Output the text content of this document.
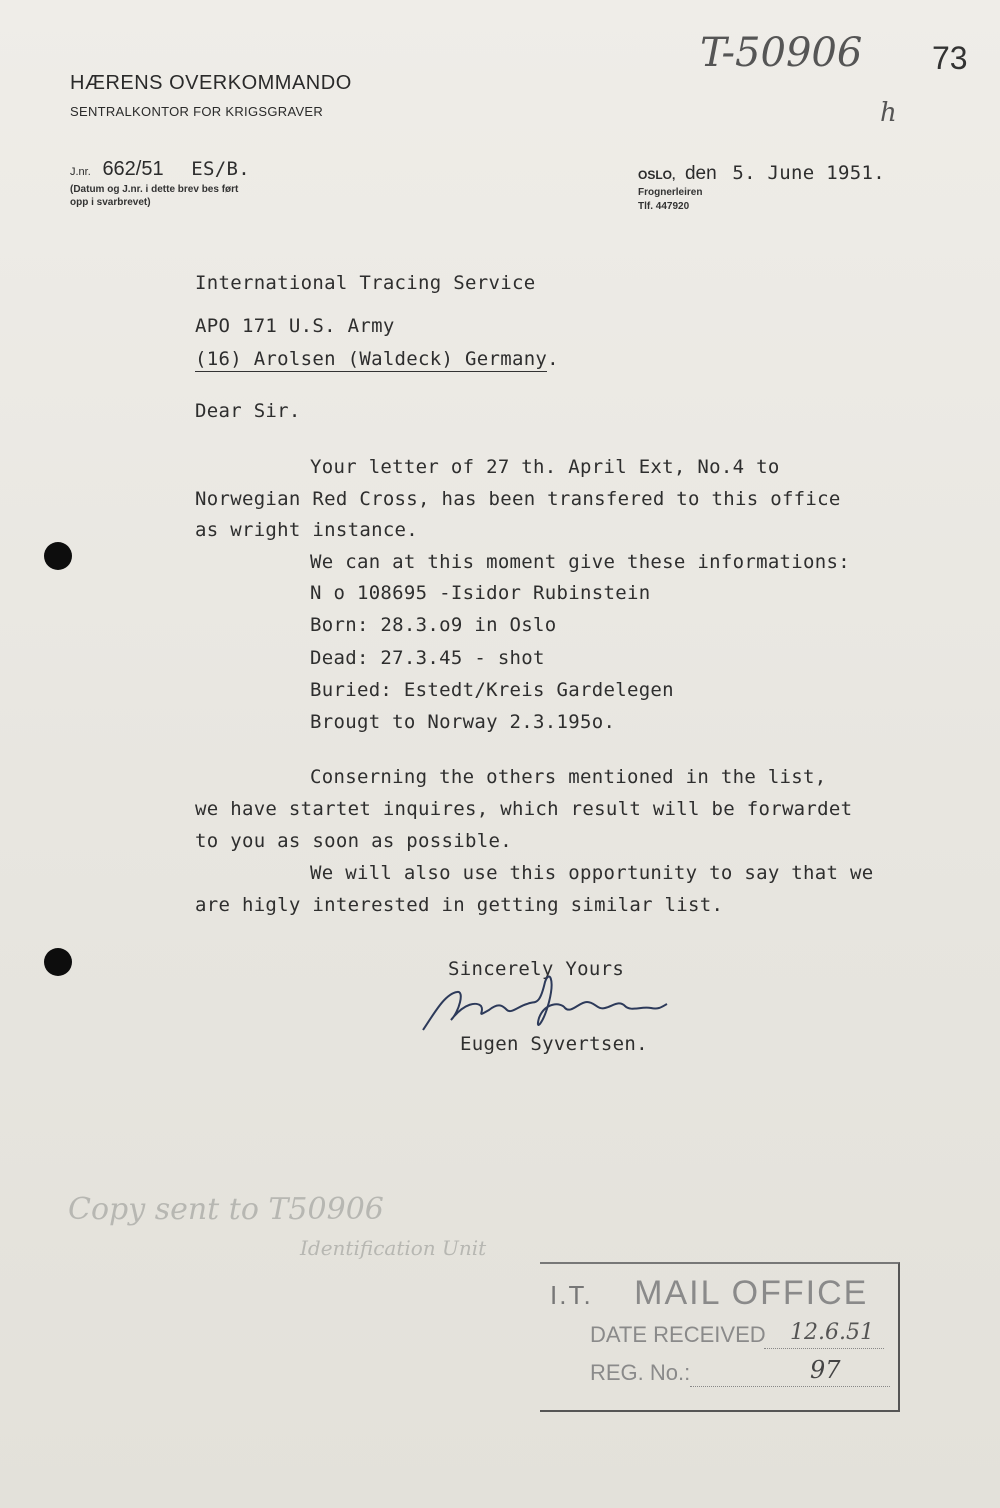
HÆRENS OVERKOMMANDO
SENTRALKONTOR FOR KRIGSGRAVER
T-50906 73
h
J.nr. 662/51 ES/B.
(Datum og J.nr. i dette brev bes ført
opp i svarbrevet)
OSLO, den 5. June 1951.
Frognerleiren
Tlf. 447920
International Tracing Service
APO 171 U.S. Army
(16) Arolsen (Waldeck) Germany.
Dear Sir.
Your letter of 27 th. April Ext, No.4 to
Norwegian Red Cross, has been transfered to this office
as wright instance.
We can at this moment give these informations:
N o 108695 -Isidor Rubinstein
Born: 28.3.o9 in Oslo
Dead: 27.3.45 - shot
Buried: Estedt/Kreis Gardelegen
Brougt to Norway 2.3.195o.
Conserning the others mentioned in the list,
we have startet inquires, which result will be forwardet
to you as soon as possible.
We will also use this opportunity to say that we
are higly interested in getting similar list.
Sincerely Yours
Eugen Syvertsen.
Copy sent to T50906
Identification Unit
I.T. MAIL OFFICE
DATE RECEIVED 12.6.51
REG. No.:	97
